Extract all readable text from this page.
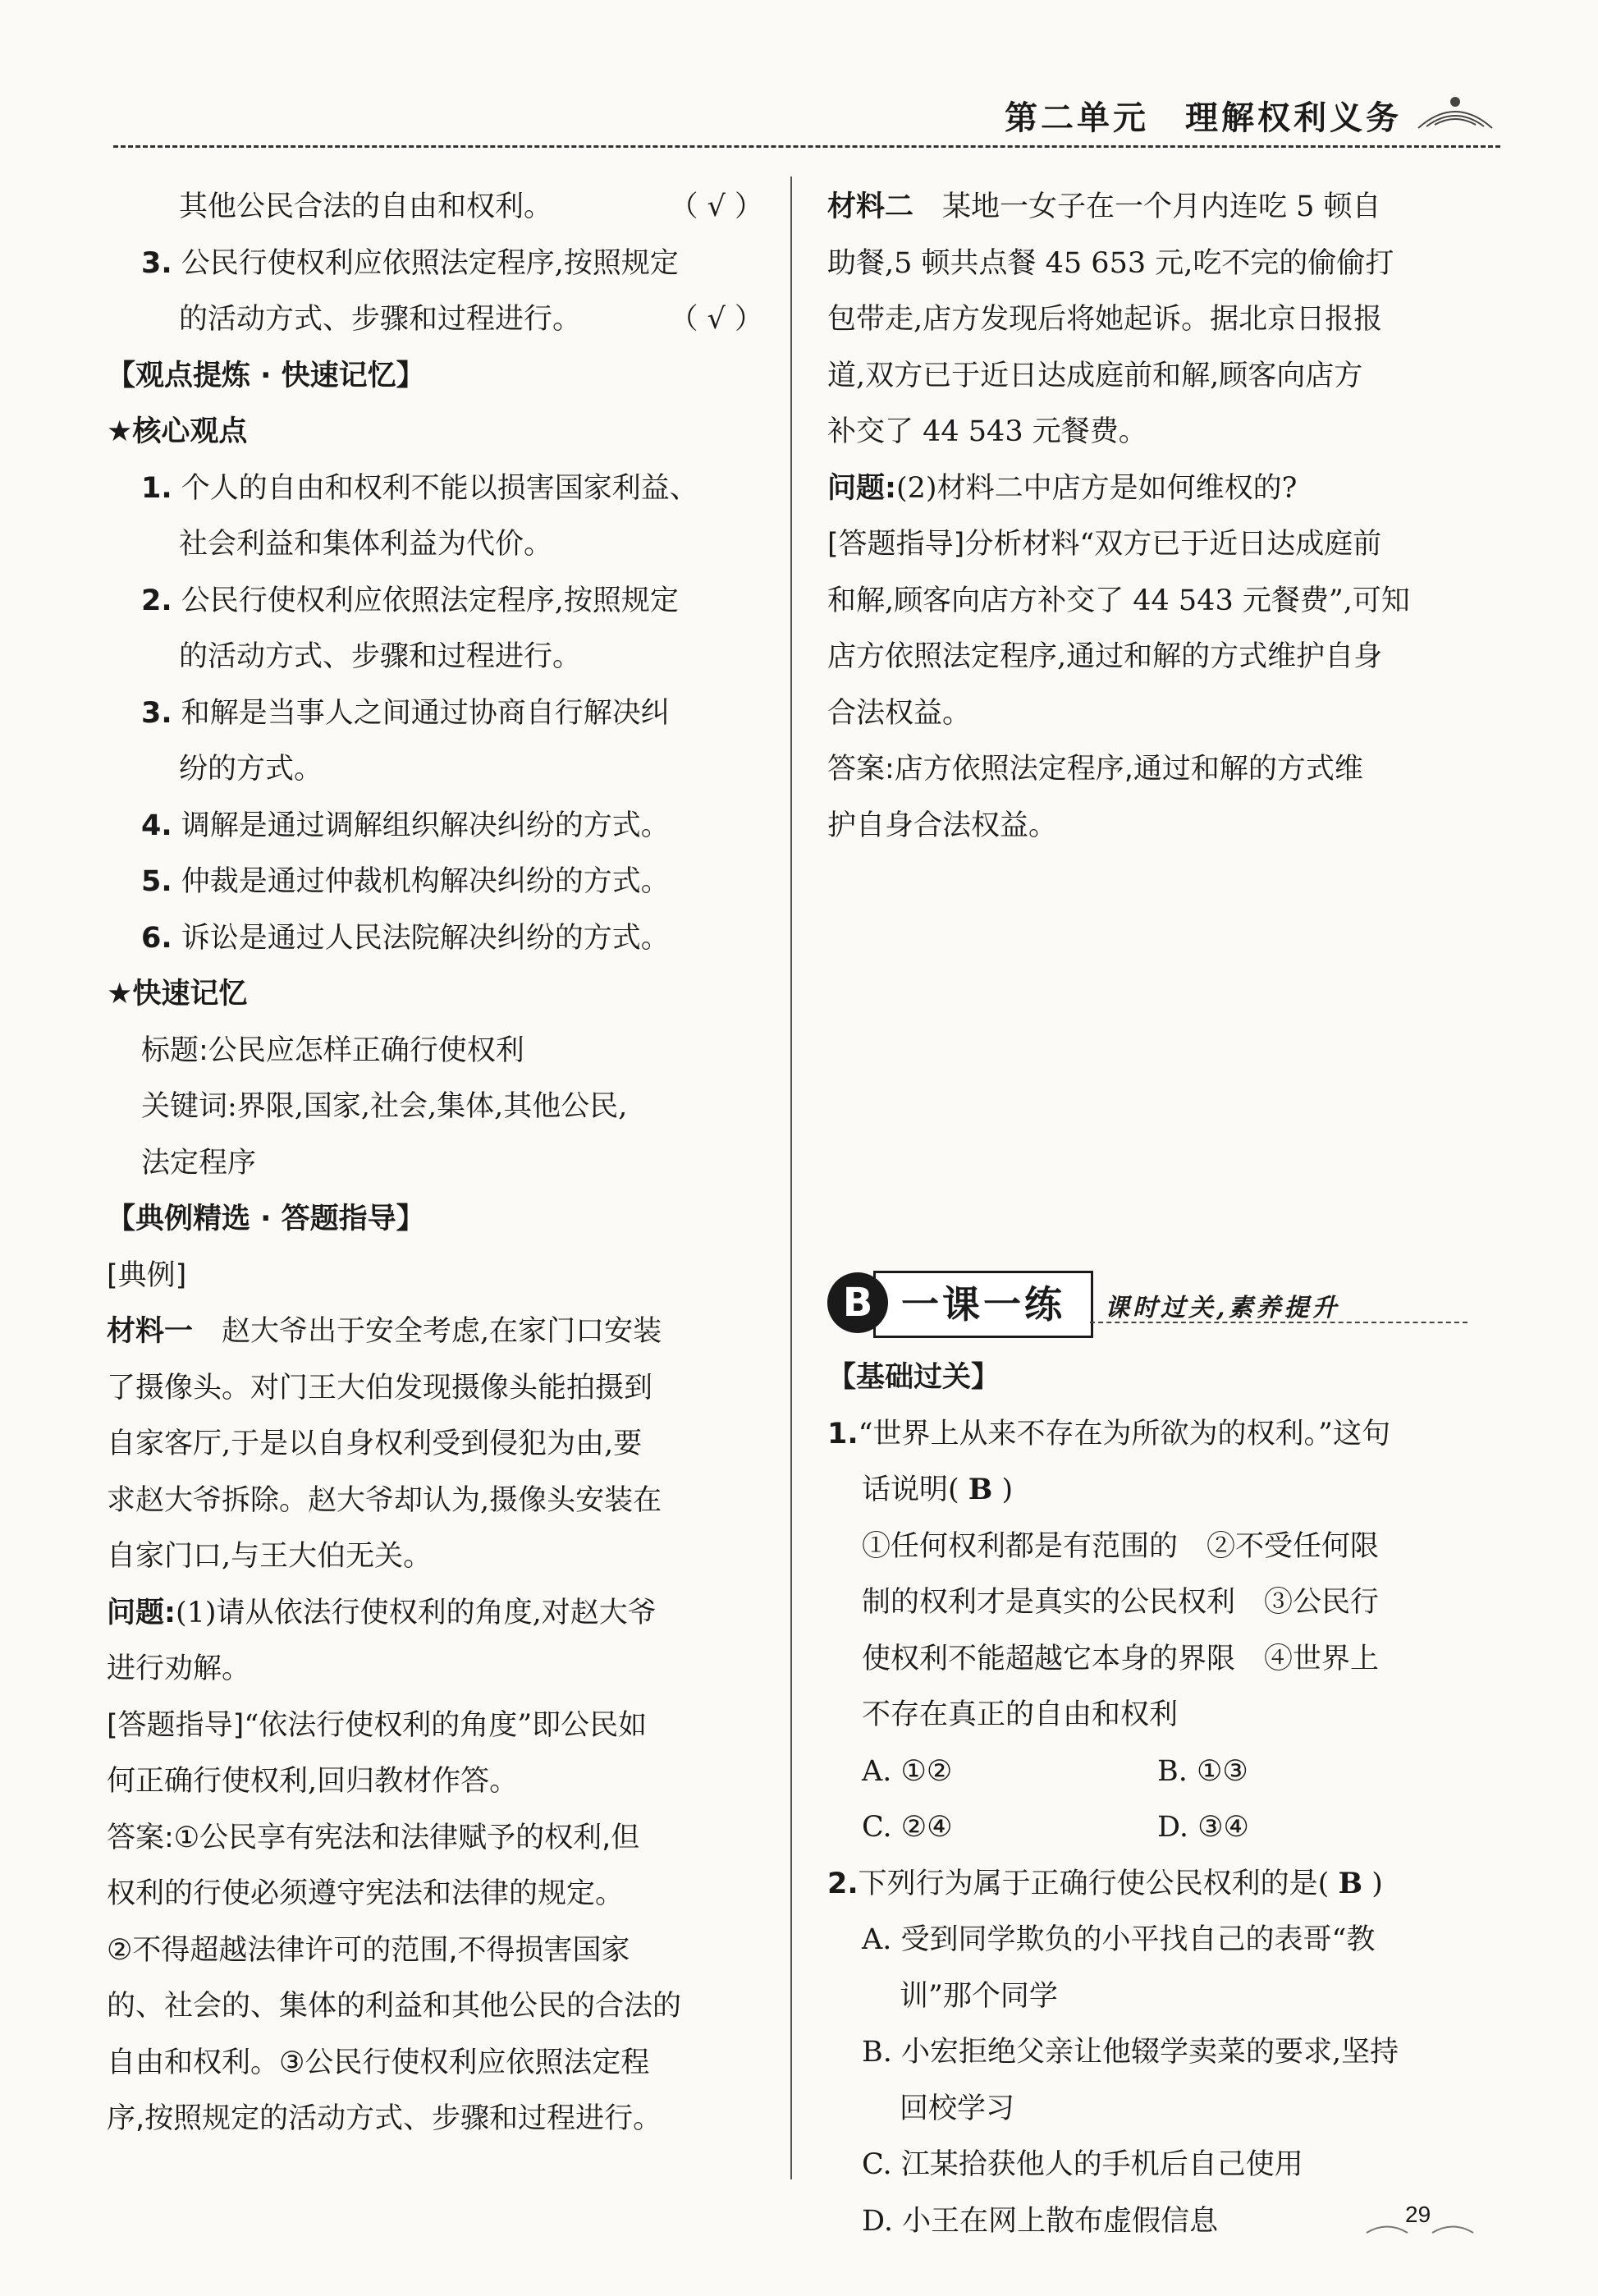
第二单元　理解权利义务
其他公民合法的自由和权利。	（ √ ）
3. 公民行使权利应依照法定程序,按照规定
的活动方式、步骤和过程进行。	（ √ ）
【观点提炼 · 快速记忆】
★核心观点
1. 个人的自由和权利不能以损害国家利益、
社会利益和集体利益为代价。
2. 公民行使权利应依照法定程序,按照规定
的活动方式、步骤和过程进行。
3. 和解是当事人之间通过协商自行解决纠
纷的方式。
4. 调解是通过调解组织解决纠纷的方式。
5. 仲裁是通过仲裁机构解决纠纷的方式。
6. 诉讼是通过人民法院解决纠纷的方式。
★快速记忆
标题:公民应怎样正确行使权利
关键词:界限,国家,社会,集体,其他公民,
法定程序
【典例精选 · 答题指导】
[典例]
材料一　 赵大爷出于安全考虑,在家门口安装
了摄像头。对门王大伯发现摄像头能拍摄到
自家客厅,于是以自身权利受到侵犯为由,要
求赵大爷拆除。赵大爷却认为,摄像头安装在
自家门口,与王大伯无关。
问题:(1)请从依法行使权利的角度,对赵大爷
进行劝解。
[答题指导]“依法行使权利的角度”即公民如
何正确行使权利,回归教材作答。
答案:①公民享有宪法和法律赋予的权利,但
权利的行使必须遵守宪法和法律的规定。
②不得超越法律许可的范围,不得损害国家
的、社会的、集体的利益和其他公民的合法的
自由和权利。③公民行使权利应依照法定程
序,按照规定的活动方式、步骤和过程进行。
材料二　 某地一女子在一个月内连吃 5 顿自
助餐,5 顿共点餐 45 653 元,吃不完的偷偷打
包带走,店方发现后将她起诉。据北京日报报
道,双方已于近日达成庭前和解,顾客向店方
补交了 44 543 元餐费。
问题:(2)材料二中店方是如何维权的?
[答题指导]分析材料“双方已于近日达成庭前
和解,顾客向店方补交了 44 543 元餐费”,可知
店方依照法定程序,通过和解的方式维护自身
合法权益。
答案:店方依照法定程序,通过和解的方式维
护自身合法权益。
一课一练
B	课时过关,素养提升
【基础过关】
1.“世界上从来不存在为所欲为的权利。”这句
话说明( B )
①任何权利都是有范围的　②不受任何限
制的权利才是真实的公民权利　③公民行
使权利不能超越它本身的界限　④世界上
不存在真正的自由和权利
A. ①②	B. ①③
C. ②④	D. ③④
2.下列行为属于正确行使公民权利的是( B )
A. 受到同学欺负的小平找自己的表哥“教
训”那个同学
B. 小宏拒绝父亲让他辍学卖菜的要求,坚持
回校学习
C. 江某拾获他人的手机后自己使用
D. 小王在网上散布虚假信息	29
